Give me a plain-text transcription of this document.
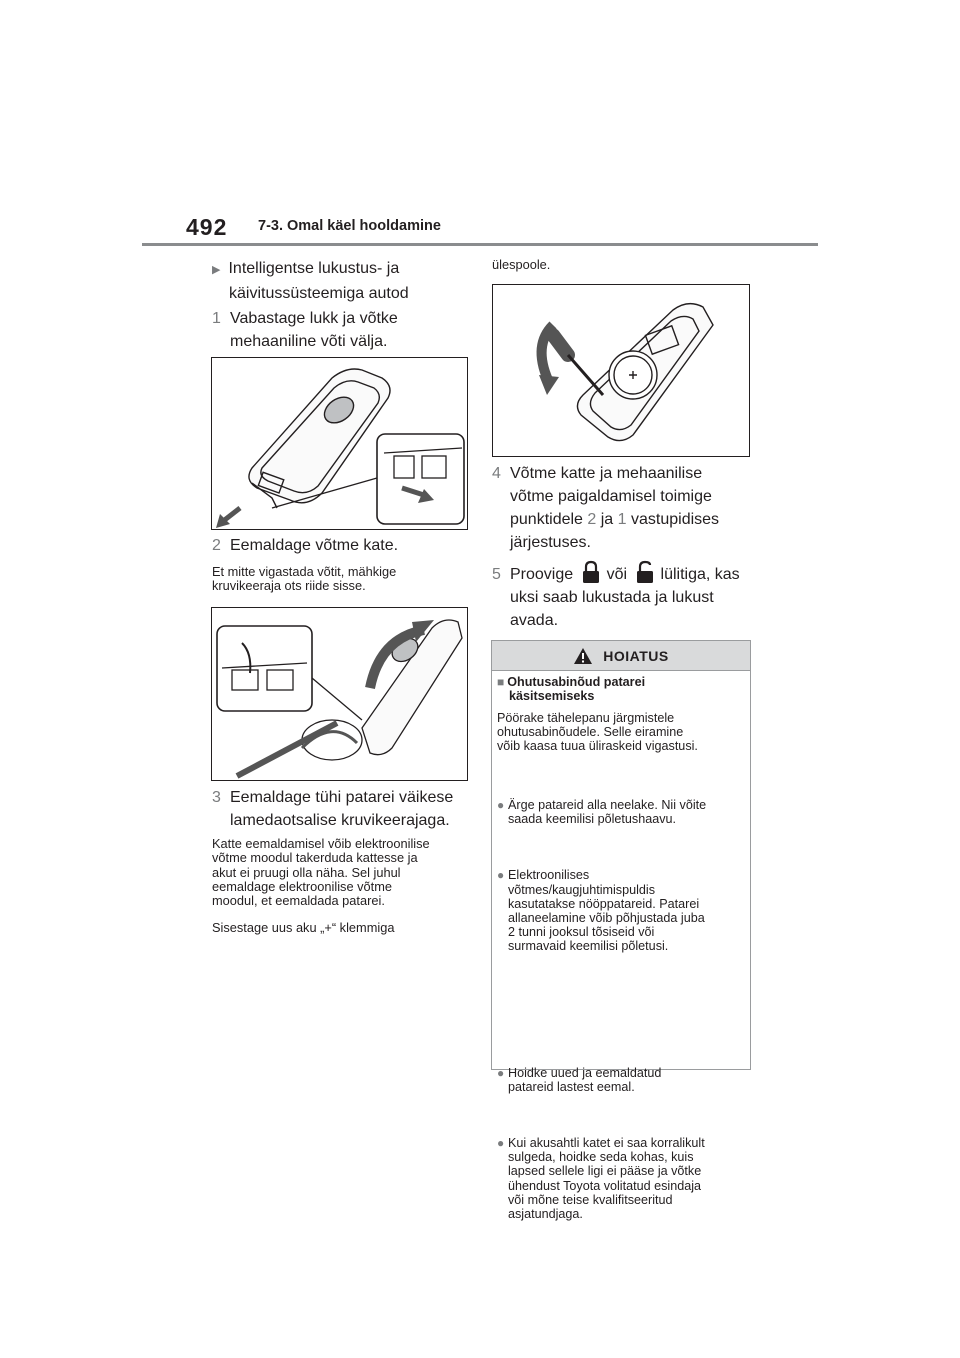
492 7-3. Omal käel hooldamine
▶ Intelligentse lukustus- ja
käivitussüsteemiga autod
1 Vabastage lukk ja võtke
mehaaniline võti välja.
2 Eemaldage võtme kate.
Et mitte vigastada võtit, mähkige
kruvikeeraja ots riide sisse.
3 Eemaldage tühi patarei väikese
lamedaotsalise kruvikeerajaga.
Katte eemaldamisel võib elektroonilise
võtme moodul takerduda kattesse ja
akut ei pruugi olla näha. Sel juhul
eemaldage elektroonilise võtme
moodul, et eemaldada patarei.
Sisestage uus aku „+“ klemmiga
ülespoole.
4 Võtme katte ja mehaanilise
võtme paigaldamisel toimige
punktidele 2 ja 1 vastupidises
järjestuses.
5 Proovige või lülitiga, kas
uksi saab lukustada ja lukust
avada.
HOIATUS
■ Ohutusabinõud patarei
käsitsemiseks
Pöörake tähelepanu järgmistele
ohutusabinõudele. Selle eiramine
võib kaasa tuua üliraskeid vigastusi.
● Ärge patareid alla neelake. Nii võite
saada keemilisi põletushaavu.
● Elektroonilises
võtmes/kaugjuhtimispuldis
kasutatakse nööppatareid. Patarei
allaneelamine võib põhjustada juba
2 tunni jooksul tõsiseid või
surmavaid keemilisi põletusi.
● Hoidke uued ja eemaldatud
patareid lastest eemal.
● Kui akusahtli katet ei saa korralikult
sulgeda, hoidke seda kohas, kuis
lapsed sellele ligi ei pääse ja võtke
ühendust Toyota volitatud esindaja
või mõne teise kvalifitseeritud
asjatundjaga.
